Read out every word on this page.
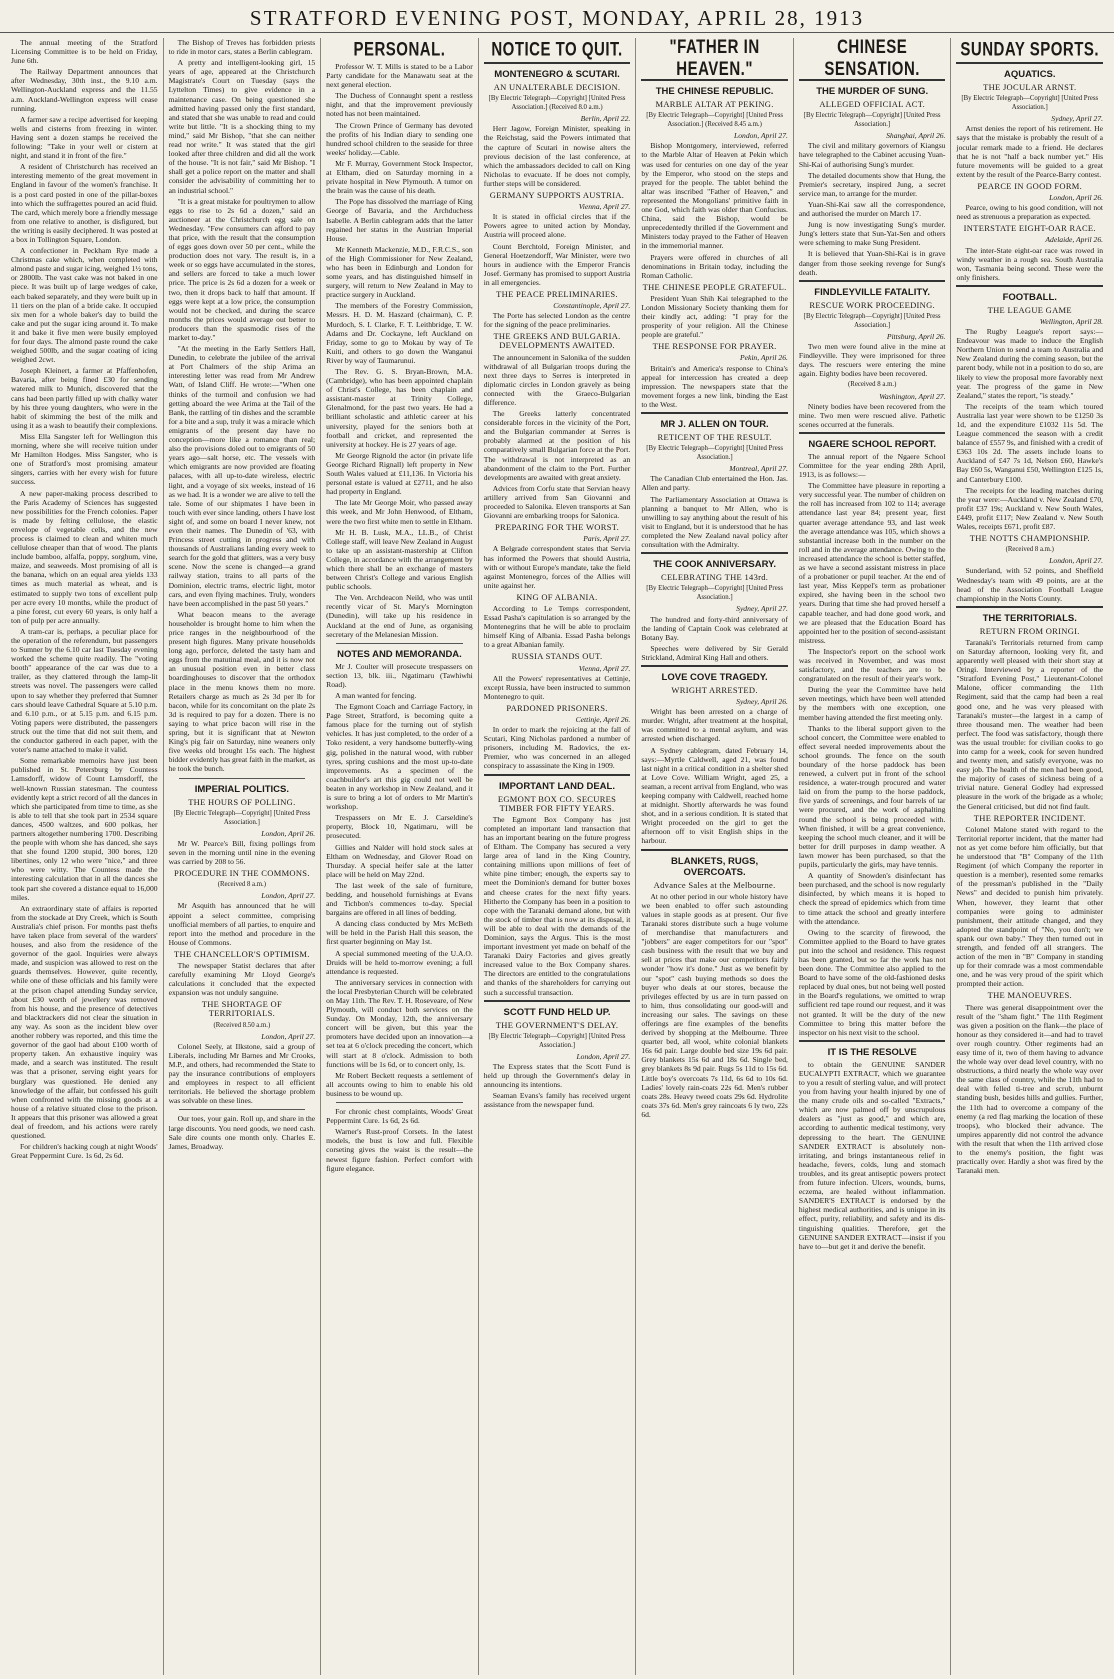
STRATFORD EVENING POST, MONDAY, APRIL 28, 1913

The annual meeting of the Stratford Licensing Committee is to be held on Friday, June 6th.

The Railway Department announces that after Wednesday, 30th inst., the 9.10 a.m. Wellington-Auckland express and the 11.55 a.m. Auckland-Wellington express will cease running.

A farmer saw a recipe advertised for keeping wells and cisterns from freezing in winter. Having sent a dozen stamps he received the following: "Take in your well or cistern at night, and stand it in front of the fire."

A resident of Christchurch has received an interesting memento of the great movement in England in favour of the women's franchise. It is a post card posted in one of the pillar-boxes into which the suffragettes poured an acid fluid. The card, which merely bore a friendly message from one relative to another, is disfigured, but the writing is easily deciphered. It was posted at a box in Tollington Square, London.

A confectioner in Peckham Rye made a Christmas cake which, when completed with almond paste and sugar icing, weighed 1½ tons, or 2800lb. The vast cake was not baked in one piece. It was built up of large wedges of cake, each baked separately, and they were built up in 11 tiers on the plan of a bride cake. It occupied six men for a whole baker's day to build the cake and put the sugar icing around it. To make it and bake it five men were busily employed for four days. The almond paste round the cake weighed 500lb, and the sugar coating of icing weighed 2cwt.

Joseph Kleinert, a farmer at Pfaffenhofen, Bavaria, after being fined £30 for sending watered milk to Munich, discovered that the cans had been partly filled up with chalky water by his three young daughters, who were in the habit of skimming the best of the milk and using it as a wash to beautify their complexions.

Miss Ella Sangster left for Wellington this morning, where she will receive tuition under Mr Hamilton Hodges. Miss Sangster, who is one of Stratford's most promising amateur singers, carries with her every wish for future success.

A new paper-making process described to the Paris Academy of Sciences has suggested new possibilities for the French colonies. Paper is made by felting cellulose, the elastic envelope of vegetable cells, and the new process is claimed to clean and whiten much cellulose cheaper than that of wood. The plants include bamboo, alfalfa, poppy, sorghum, vine, maize, and seaweeds. Most promising of all is the banana, which on an equal area yields 133 times as much material as wheat, and is estimated to supply two tons of excellent pulp per acre every 10 months, while the product of a pine forest, cut every 60 years, is only half a ton of pulp per acre annually.

A tram-car is, perhaps, a peculiar place for the operation of the referendum, but passengers to Sumner by the 6.10 car last Tuesday evening worked the scheme quite readily. The "voting booth" appearance of the car was due to a trailer, as they clattered through the lamp-lit streets was novel. The passengers were called upon to say whether they preferred that Sumner cars should leave Cathedral Square at 5.10 p.m. and 6.10 p.m., or at 5.15 p.m. and 6.15 p.m. Voting papers were distributed, the passengers struck out the time that did not suit them, and the conductor gathered in each paper, with the voter's name attached to make it valid.

Some remarkable memoirs have just been published in St. Petersburg by Countess Lamsdorff, widow of Count Lamsdorff, the well-known Russian statesman. The countess evidently kept a strict record of all the dances in which she participated from time to time, as she is able to tell that she took part in 2534 square dances, 4500 waltzes, and 600 polkas, her partners altogether numbering 1700. Describing the people with whom she has danced, she says that she found 1200 stupid, 300 bores, 120 libertines, only 12 who were "nice," and three who were witty. The Countess made the interesting calculation that in all the dances she took part she covered a distance equal to 16,000 miles.

An extraordinary state of affairs is reported from the stockade at Dry Creek, which is South Australia's chief prison. For months past thefts have taken place from several of the warders' houses, and also from the residence of the governor of the gaol. Inquiries were always made, and suspicion was allowed to rest on the guards themselves. However, quite recently, while one of these officials and his family were at the prison chapel attending Sunday service, about £30 worth of jewellery was removed from his house, and the presence of detectives and blacktrackers did not clear the situation in any way. As soon as the incident blew over another robbery was reported, and this time the governor of the gaol had about £100 worth of property taken. An exhaustive inquiry was made, and a search was instituted. The result was that a prisoner, serving eight years for burglary was questioned. He denied any knowledge of the affair, but confessed his guilt when confronted with the missing goods at a house of a relative situated close to the prison. It appears that this prisoner was allowed a great deal of freedom, and his actions were rarely questioned.

For children's hacking cough at night Woods' Great Peppermint Cure. 1s 6d, 2s 6d.

The Bishop of Treves has forbidden priests to ride in motor cars, states a Berlin cablegram.

A pretty and intelligent-looking girl, 15 years of age, appeared at the Christchurch Magistrate's Court on Tuesday (says the Lyttelton Times) to give evidence in a maintenance case. On being questioned she admitted having passed only the first standard, and stated that she was unable to read and could write but little. "It is a shocking thing to my mind," said Mr Bishop, "that she can neither read nor write." It was stated that the girl looked after three children and did all the work of the house. "It is not fair," said Mr Bishop. "I shall get a police report on the matter and shall consider the advisability of committing her to an industrial school."

"It is a great mistake for poultrymen to allow eggs to rise to 2s 6d a dozen," said an auctioneer at the Christchurch egg sale on Wednesday. "Few consumers can afford to pay that price, with the result that the consumption of eggs goes down over 50 per cent., while the production does not vary. The result is, in a week or so eggs have accumulated in the stores, and sellers are forced to take a much lower price. The price is 2s 6d a dozen for a week or two, then it drops back to half that amount. If eggs were kept at a low price, the consumption would not be checked, and during the scarce months the prices would average out better to producers than the spasmodic rises of the market to-day."

"At the meeting in the Early Settlers Hall, Dunedin, to celebrate the jubilee of the arrival at Port Chalmers of the ship Arima an interesting letter was read from Mr Andrew Watt, of Island Cliff. He wrote:—"When one thinks of the turmoil and confusion we had getting aboard the wee Arima at the Tail of the Bank, the rattling of tin dishes and the scramble for a bite and a sup, truly it was a miracle which emigrants of the present day have no conception—more like a romance than real; also the provisions doled out to emigrants of 50 years ago—salt horse, etc. The vessels with which emigrants are now provided are floating palaces, with all up-to-date wireless, electric light, and a voyage of six weeks, instead of 16 as we had. It is a wonder we are alive to tell the tale. Some of our shipmates I have been in touch with ever since landing, others I have lost sight of, and some on board I never knew, not even their names. The Dunedin of '63, with Princess street cutting in progress and with thousands of Australians landing every week to search for the gold that glitters, was a very busy scene. Now the scene is changed—a grand railway station, trains to all parts of the Dominion, electric trams, electric light, motor cars, and even flying machines. Truly, wonders have been accomplished in the past 50 years."

What beacon means to the average householder is brought home to him when the price ranges in the neighbourhood of the present high figures. Many private households long ago, perforce, deleted the tasty ham and eggs from the matutinal meal, and it is now not an unusual position even in better class boardinghouses to discover that the orthodox place in the menu knows them no more. Retailers charge as much as 2s 3d per lb for bacon, while for its concomitant on the plate 2s 3d is required to pay for a dozen. There is no saying to what price bacon will rise in the spring, but it is significant that at Newton King's pig fair on Saturday, nine weaners only five weeks old brought 15s each. The highest bidder evidently has great faith in the market, as he took the bunch.

IMPERIAL POLITICS.
THE HOURS OF POLLING.

[By Electric Telegraph—Copyright] [United Press Association.]

London, April 26.

Mr W. Pearce's Bill, fixing pollings from seven in the morning until nine in the evening was carried by 208 to 56.

PROCEDURE IN THE COMMONS.

(Received 8 a.m.)

London, April 27.

Mr Asquith has announced that he will appoint a select committee, comprising unofficial members of all parties, to enquire and report into the method and procedure in the House of Commons.

THE CHANCELLOR'S OPTIMISM.

The newspaper Statist declares that after carefully examining Mr Lloyd George's calculations it concluded that the expected expansion was not unduly sanguine.

THE SHORTAGE OF TERRITORIALS.

(Received 8.50 a.m.)

London, April 27.

Colonel Seely, at Ilkstone, said a group of Liberals, including Mr Barnes and Mr Crooks, M.P., and others, had recommended the State to pay the insurance contributions of employers and employees in respect to all efficient territorials. He believed the shortage problem was solvable on these lines.

Our toes, your gain. Roll up, and share in the large discounts. You need goods, we need cash. Sale dire counts one month only. Charles E. James, Broadway.

PERSONAL.

Professor W. T. Mills is stated to be a Labor Party candidate for the Manawatu seat at the next general election.

The Duchess of Connaught spent a restless night, and that the improvement previously noted has not been maintained.

The Crown Prince of Germany has devoted the profits of his Indian diary to sending one hundred school children to the seaside for three weeks' holiday.—Cable.

Mr F. Murray, Government Stock Inspector, at Eltham, died on Saturday morning in a private hospital in New Plymouth. A tumor on the brain was the cause of his death.

The Pope has dissolved the marriage of King George of Bavaria, and the Archduchess Isabelle. A Berlin cablegram adds that the latter regained her status in the Austrian Imperial House.

Mr Kenneth Mackenzie, M.D., F.R.C.S., son of the High Commissioner for New Zealand, who has been in Edinburgh and London for some years, and has distinguished himself in surgery, will return to New Zealand in May to practice surgery in Auckland.

The members of the Forestry Commission, Messrs. H. D. M. Haszard (chairman), C. P. Murdoch, S. I. Clarke, F. T. Leithbridge, T. W. Adams and Dr. Cockayne, left Auckland on Friday, some to go to Mokau by way of Te Kuiti, and others to go down the Wanganui River by way of Taumarunui.

The Rev. G. S. Bryan-Brown, M.A. (Cambridge), who has been appointed chaplain of Christ's College, has been chaplain and assistant-master at Trinity College, Glenalmond, for the past two years. He had a brilliant scholastic and athletic career at his university, played for the seniors both at football and cricket, and represented the university at hockey. He is 27 years of age.

Mr George Rignold the actor (in private life George Richard Rignall) left property in New South Wales valued at £11,136. In Victoria his personal estate is valued at £2711, and he also had property in England.

The late Mr George Moir, who passed away this week, and Mr John Henwood, of Eltham, were the two first white men to settle in Eltham.

Mr H. B. Lusk, M.A., LL.B., of Christ College staff, will leave New Zealand in August to take up an assistant-mastership at Clifton College, in accordance with the arrangement by which there shall be an exchange of masters between Christ's College and various English public schools.

The Ven. Archdeacon Neild, who was until recently vicar of St. Mary's Mornington (Dunedin), will take up his residence in Auckland at the end of June, as organising secretary of the Melanesian Mission.

NOTES AND MEMORANDA.

Mr J. Coulter will prosecute trespassers on section 13, blk. iii., Ngatimaru (Tawhiwhi Road).

A man wanted for fencing.

The Egmont Coach and Carriage Factory, in Page Street, Stratford, is becoming quite a famous place for the turning out of stylish vehicles. It has just completed, to the order of a Toko resident, a very handsome butterfly-wing gig, polished in the natural wood, with rubber tyres, spring cushions and the most up-to-date improvements. As a specimen of the coachbuilder's art this gig could not well be beaten in any workshop in New Zealand, and it is sure to bring a lot of orders to Mr Martin's workshop.

Trespassers on Mr E. J. Carseldine's property, Block 10, Ngatimaru, will be prosecuted.

Gillies and Nalder will hold stock sales at Eltham on Wednesday, and Glover Road on Thursday. A special heifer sale at the latter place will be held on May 22nd.

The last week of the sale of furniture, bedding, and household furnishings at Evans and Tichbon's commences to-day. Special bargains are offered in all lines of bedding.

A dancing class conducted by Mrs McBeth will be held in the Parish Hall this season, the first quarter beginning on May 1st.

A special summoned meeting of the U.A.O. Druids will be held to-morrow evening; a full attendance is requested.

The anniversary services in connection with the local Presbyterian Church will be celebrated on May 11th. The Rev. T. H. Roseveare, of New Plymouth, will conduct both services on the Sunday. On Monday, 12th, the anniversary concert will be given, but this year the promoters have decided upon an innovation—a set tea at 6 o'clock preceding the concert, which will start at 8 o'clock. Admission to both functions will be 1s 6d, or to concert only, 1s.

Mr Robert Beckett requests a settlement of all accounts owing to him to enable his old business to be wound up.

For chronic chest complaints, Woods' Great Peppermint Cure. 1s 6d, 2s 6d.

Warner's Rust-proof Corsets. In the latest models, the bust is low and full. Flexible corseting gives the waist is the result—the newest figure fashion. Perfect comfort with figure elegance.

NOTICE TO QUIT.
MONTENEGRO & SCUTARI.
AN UNALTERABLE DECISION.

[By Electric Telegraph—Copyright] [United Press Association.] (Received 8.0 a.m.)

Berlin, April 22.

Herr Jagow, Foreign Minister, speaking in the Reichstag, said the Powers intimated that the capture of Scutari in nowise alters the previous decision of the last conference, at which the ambassadors decided to call on King Nicholas to evacuate. If he does not comply, further steps will be considered.

GERMANY SUPPORTS AUSTRIA.

Vienna, April 27.

It is stated in official circles that if the Powers agree to united action by Monday, Austria will proceed alone.

Count Berchtold, Foreign Minister, and General Hoetzendorff, War Minister, were two hours in audience with the Emperor Francis Josef. Germany has promised to support Austria in all emergencies.

THE PEACE PRELIMINARIES.

Constantinople, April 27.

The Porte has selected London as the centre for the signing of the peace preliminaries.

THE GREEKS AND BULGARIA. DEVELOPMENTS AWAITED.

The announcement in Salonika of the sudden withdrawal of all Bulgarian troops during the next three days to Serres is interpreted in diplomatic circles in London gravely as being connected with the Graeco-Bulgarian difference.

The Greeks latterly concentrated considerable forces in the vicinity of the Port, and the Bulgarian commander at Serres is probably alarmed at the position of his comparatively small Bulgarian force at the Port. The withdrawal is not interpreted as an abandonment of the claim to the Port. Further developments are awaited with great anxiety.

Advices from Corfu state that Servian heavy artillery arrived from San Giovanni and proceeded to Salonika. Eleven transports at San Giovanni are embarking troops for Salonica.

PREPARING FOR THE WORST.

Paris, April 27.

A Belgrade correspondent states that Servia has informed the Powers that should Austria, with or without Europe's mandate, take the field against Montenegro, forces of the Allies will unite against her.

KING OF ALBANIA.

According to Le Temps correspondent, Essad Pasha's capitulation is so arranged by the Montenegrins that he will be able to proclaim himself King of Albania. Essad Pasha belongs to a great Albanian family.

RUSSIA STANDS OUT.

Vienna, April 27.

All the Powers' representatives at Cettinje, except Russia, have been instructed to summon Montenegro to quit.

PARDONED PRISONERS.

Cettinje, April 26.

In order to mark the rejoicing at the fall of Scutari, King Nicholas pardoned a number of prisoners, including M. Radovics, the ex-Premier, who was concerned in an alleged conspiracy to assassinate the King in 1909.

IMPORTANT LAND DEAL.
EGMONT BOX CO. SECURES TIMBER FOR FIFTY YEARS.

The Egmont Box Company has just completed an important land transaction that has an important bearing on the future progress of Eltham. The Company has secured a very large area of land in the King Country, containing millions upon millions of feet of white pine timber; enough, the experts say to meet the Dominion's demand for butter boxes and cheese crates for the next fifty years. Hitherto the Company has been in a position to cope with the Taranaki demand alone, but with the stock of timber that is now at its disposal, it will be able to deal with the demands of the Dominion, says the Argus. This is the most important investment yet made on behalf of the Taranaki Dairy Factories and gives greatly increased value to the Box Company shares. The directors are entitled to the congratulations and thanks of the shareholders for carrying out such a successful transaction.

SCOTT FUND HELD UP.
THE GOVERNMENT'S DELAY.

[By Electric Telegraph—Copyright] [United Press Association.]

London, April 27.

The Express states that the Scott Fund is held up through the Government's delay in announcing its intentions.

Seaman Evans's family has received urgent assistance from the newspaper fund.

"FATHER IN HEAVEN."
THE CHINESE REPUBLIC.
MARBLE ALTAR AT PEKING.

[By Electric Telegraph—Copyright] [United Press Association.] (Received 8.45 a.m.)

London, April 27.

Bishop Montgomery, interviewed, referred to the Marble Altar of Heaven at Pekin which was used for centuries on one day of the year by the Emperor, who stood on the steps and prayed for the people. The tablet behind the altar was inscribed "Father of Heaven," and represented the Mongolians' primitive faith in one God, which faith was older than Confucius. China, said the Bishop, would be unprecedentedly thrilled if the Government and Ministers today prayed to the Father of Heaven in the immemorial manner.

Prayers were offered in churches of all denominations in Britain today, including the Roman Catholic.

THE CHINESE PEOPLE GRATEFUL.

President Yuan Shih Kai telegraphed to the London Missionary Society thanking them for their kindly act, adding: "I pray for the prosperity of your religion. All the Chinese people are grateful."

THE RESPONSE FOR PRAYER.

Pekin, April 26.

Britain's and America's response to China's appeal for intercession has created a deep impression. The newspapers state that the movement forges a new link, binding the East to the West.

MR J. ALLEN ON TOUR.
RETICENT OF THE RESULT.

[By Electric Telegraph—Copyright] [United Press Association.]

Montreal, April 27.

The Canadian Club entertained the Hon. Jas. Allen and party.

The Parliamentary Association at Ottawa is planning a banquet to Mr Allen, who is unwilling to say anything about the result of his visit to England, but it is understood that he has completed the New Zealand naval policy after consultation with the Admiralty.

THE COOK ANNIVERSARY.
CELEBRATING THE 143rd.

[By Electric Telegraph—Copyright] [United Press Association.]

Sydney, April 27.

The hundred and forty-third anniversary of the landing of Captain Cook was celebrated at Botany Bay.

Speeches were delivered by Sir Gerald Strickland, Admiral King Hall and others.

LOVE COVE TRAGEDY.
WRIGHT ARRESTED.

Sydney, April 26.

Wright has been arrested on a charge of murder. Wright, after treatment at the hospital, was committed to a mental asylum, and was arrested when discharged.

A Sydney cablegram, dated February 14, says:—Myrtle Caldwell, aged 21, was found last night in a critical condition in a shelter shed at Love Cove. William Wright, aged 25, a seaman, a recent arrival from England, who was keeping company with Caldwell, reached home at midnight. Shortly afterwards he was found shot, and in a serious condition. It is stated that Wright proceeded on the girl to get the afternoon off to visit English ships in the harbour.

BLANKETS, RUGS, OVERCOATS.
Advance Sales at the Melbourne.

At no other period in our whole history have we been enabled to offer such astounding values in staple goods as at present. Our five Taranaki stores distribute such a huge volume of merchandise that manufacturers and "jobbers" are eager competitors for our "spot" cash business with the result that we buy and sell at prices that make our competitors fairly wonder "how it's done." Just as we benefit by our "spot" cash buying methods so does the buyer who deals at our stores, because the privileges effected by us are in turn passed on to him, thus consolidating our good-will and increasing our sales. The savings on these offerings are fine examples of the benefits derived by shopping at the Melbourne. Three quarter bed, all wool, white colonial blankets 16s 6d pair. Large double bed size 19s 6d pair. Grey blankets 15s 6d and 18s 6d. Single bed, grey blankets 8s 9d pair. Rugs 5s 11d to 15s 6d. Little boy's overcoats 7s 11d, 6s 6d to 10s 6d. Ladies' lovely rain-coats 22s 6d. Men's rubber coats 28s. Heavy tweed coats 29s 6d. Hydrolite coats 37s 6d. Men's grey raincoats 6 ly two, 22s 6d.

CHINESE SENSATION.
THE MURDER OF SUNG.
ALLEGED OFFICIAL ACT.

[By Electric Telegraph—Copyright] [United Press Association.]

Shanghai, April 26.

The civil and military governors of Kiangsu have telegraphed to the Cabinet accusing Yuan-Shi-Kai of authorising Sung's murder.

The detailed documents show that Hung, the Premier's secretary, inspired Jung, a secret service man, to arrange for the murder.

Yuan-Shi-Kai saw all the correspondence, and authorised the murder on March 17.

Jung is now investigating Sung's murder. Jung's letters state that Sun-Yat-Sen and others were scheming to make Sung President.

It is believed that Yuan-Shi-Kai is in grave danger from those seeking revenge for Sung's death.

FINDLEYVILLE FATALITY.
RESCUE WORK PROCEEDING.

[By Electric Telegraph—Copyright] [United Press Association.]

Pittsburg, April 26.

Two men were found alive in the mine at Findleyville. They were imprisoned for three days. The rescuers were entering the mine again. Eighty bodies have been recovered.

(Received 8 a.m.)

Washington, April 27.

Ninety bodies have been recovered from the mine. Two men were rescued alive. Pathetic scenes occurred at the funerals.

NGAERE SCHOOL REPORT.

The annual report of the Ngaere School Committee for the year ending 28th April, 1913, is as follows:—

The Committee have pleasure in reporting a very successful year. The number of children on the roll has increased from 102 to 114; average attendance last year 84; present year, first quarter average attendance 93, and last week the average attendance was 105, which shows a substantial increase both in the number on the roll and in the average attendance. Owing to the increased attendance the school is better staffed, as we have a second assistant mistress in place of a probationer or pupil teacher. At the end of last year, Miss Keppel's term as probationer expired, she having been in the school two years. During that time she had proved herself a capable teacher, and had done good work, and we are pleased that the Education Board has appointed her to the position of second-assistant mistress.

The Inspector's report on the school work was received in November, and was most satisfactory, and the teachers are to be congratulated on the result of their year's work.

During the year the Committee have held seven meetings, which have been well attended by the members with one exception, one member having attended the first meeting only.

Thanks to the liberal support given to the school concert, the Committee were enabled to effect several needed improvements about the school grounds. The fence on the south boundary of the horse paddock has been renewed, a culvert put in front of the school residence, a water-trough procured and water laid on from the pump to the horse paddock, five yards of screenings, and four barrels of tar were procured, and the work of asphalting round the school is being proceeded with. When finished, it will be a great convenience, keeping the school much cleaner, and it will be better for drill purposes in damp weather. A lawn mower has been purchased, so that the pupils, particularly the girls, may have tennis.

A quantity of Snowden's disinfectant has been purchased, and the school is now regularly disinfected, by which means it is hoped to check the spread of epidemics which from time to time attack the school and greatly interfere with the attendance.

Owing to the scarcity of firewood, the Committee applied to the Board to have grates put into the school and residence. This request has been granted, but so far the work has not been done. The Committee also applied to the Board to have some of the old-fashioned desks replaced by dual ones, but not being well posted in the Board's regulations, we omitted to wrap sufficient red tape round our request, and it was not granted. It will be the duty of the new Committee to bring this matter before the inspector on his next visit to the school.

IT IS THE RESOLVE

to obtain the GENUINE SANDER EUCALYPTI EXTRACT, which we guarantee to you a result of sterling value, and will protect you from having your health injured by one of the many crude oils and so-called "Extracts," which are now palmed off by unscrupulous dealers as "just as good," and which are, according to authentic medical testimony, very depressing to the heart. The GENUINE SANDER EXTRACT is absolutely non-irritating, and brings instantaneous relief in headache, fevers, colds, lung and stomach troubles, and its great antiseptic powers protect from future infection. Ulcers, wounds, burns, eczema, are healed without inflammation. SANDER'S EXTRACT is endorsed by the highest medical authorities, and is unique in its effect, purity, reliability, and safety and its dis-tinguishing qualities. Therefore, get the GENUINE SANDER EXTRACT—insist if you have to—but get it and derive the benefit.

SUNDAY SPORTS.
AQUATICS.
THE JOCULAR ARNST.

[By Electric Telegraph—Copyright] [United Press Association.]

Sydney, April 27.

Arnst denies the report of his retirement. He says that the mistake is probably the result of a jocular remark made to a friend. He declares that he is not "half a back number yet." His future movements will be guided to a great extent by the result of the Pearce-Barry contest.

PEARCE IN GOOD FORM.

London, April 26.

Pearce, owing to his good condition, will not need as strenuous a preparation as expected.

INTERSTATE EIGHT-OAR RACE.

Adelaide, April 26.

The inter-State eight-oar race was rowed in windy weather in a rough sea. South Australia won, Tasmania being second. These were the only finishers.

FOOTBALL.
THE LEAGUE GAME

Wellington, April 28.

The Rugby League's report says:—Endeavour was made to induce the English Northern Union to send a team to Australia and New Zealand during the coming season, but the parent body, while not in a position to do so, are likely to view the proposal more favorably next year. The progress of the game in New Zealand," states the report, "is steady."

The receipts of the team which toured Australia last year were shown to be £1250 3s 1d, and the expenditure £1032 11s 5d. The League commenced the season with a credit balance of £557 9s, and finished with a credit of £363 10s 2d. The assets include loans to Auckland of £47 7s 1d, Nelson £60, Hawke's Bay £60 5s, Wanganui £50, Wellington £125 1s, and Canterbury £100.

The receipts for the leading matches during the year were:—Auckland v. New Zealand £70, profit £37 19s; Auckland v. New South Wales, £449, profit £117; New Zealand v. New South Wales, receipts £671, profit £87.

THE NOTTS CHAMPIONSHIP.

(Received 8 a.m.)

London, April 27.

Sunderland, with 52 points, and Sheffield Wednesday's team with 49 points, are at the head of the Association Football League championship in the Notts County.

THE TERRITORIALS.
RETURN FROM ORINGI.

Taranaki's Territorials returned from camp on Saturday afternoon, looking very fit, and apparently well pleased with their short stay at Oringi. Interviewed by a reporter of the "Stratford Evening Post," Lieutenant-Colonel Malone, officer commanding the 11th Regiment, said that the camp had been a real good one, and he was very pleased with Taranaki's muster—the largest in a camp of three thousand men. The weather had been perfect. The food was satisfactory, though there was the usual trouble: for civilian cooks to go into camp for a week, cook for seven hundred and twenty men, and satisfy everyone, was no easy job. The health of the men had been good, the majority of cases of sickness being of a trivial nature. General Godley had expressed pleasure in the work of the brigade as a whole; the General criticised, but did not find fault.

THE REPORTER INCIDENT.

Colonel Malone stated with regard to the Territorial reporter incident, that the matter had not as yet come before him officially, but that he understood that "B" Company of the 11th Regiment (of which Company the reporter in question is a member), resented some remarks of the pressman's published in the "Daily News" and decided to punish him privately. When, however, they learnt that other companies were going to administer punishment, their attitude changed, and they adopted the standpoint of "No, you don't; we spank our own baby." They then turned out in strength, and fended off all strangers. The action of the men in "B" Company in standing up for their comrade was a most commendable one, and he was very proud of the spirit which prompted their action.

THE MANOEUVRES.

There was general disappointment over the result of the "sham fight." The 11th Regiment was given a position on the flank—the place of honour as they considered it—and had to travel over rough country. Other regiments had an easy time of it, two of them having to advance the whole way over dead level country, with no obstructions, a third nearly the whole way over the same class of country, while the 11th had to deal with felled ti-tree and scrub, unburnt standing bush, besides hills and gullies. Further, the 11th had to overcome a company of the enemy (a red flag marking the location of these troops), who blocked their advance. The umpires apparently did not control the advance with the result that when the 11th arrived close to the enemy's position, the fight was practically over. Hardly a shot was fired by the Taranaki men.
